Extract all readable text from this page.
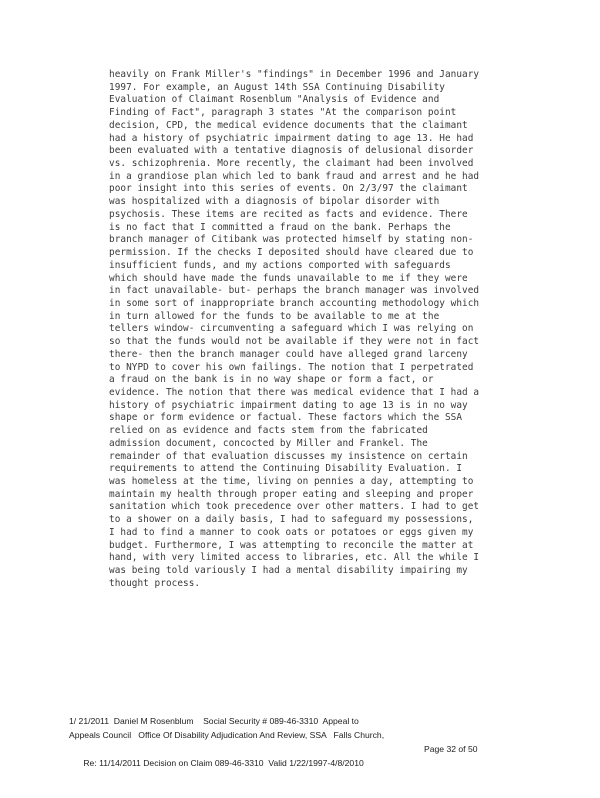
heavily on Frank Miller's "findings" in December 1996 and January
1997. For example, an August 14th SSA Continuing Disability
Evaluation of Claimant Rosenblum "Analysis of Evidence and
Finding of Fact", paragraph 3 states "At the comparison point
decision, CPD, the medical evidence documents that the claimant
had a history of psychiatric impairment dating to age 13. He had
been evaluated with a tentative diagnosis of delusional disorder
vs. schizophrenia. More recently, the claimant had been involved
in a grandiose plan which led to bank fraud and arrest and he had
poor insight into this series of events. On 2/3/97 the claimant
was hospitalized with a diagnosis of bipolar disorder with
psychosis. These items are recited as facts and evidence. There
is no fact that I committed a fraud on the bank. Perhaps the
branch manager of Citibank was protected himself by stating non-
permission. If the checks I deposited should have cleared due to
insufficient funds, and my actions comported with safeguards
which should have made the funds unavailable to me if they were
in fact unavailable- but- perhaps the branch manager was involved
in some sort of inappropriate branch accounting methodology which
in turn allowed for the funds to be available to me at the
tellers window- circumventing a safeguard which I was relying on
so that the funds would not be available if they were not in fact
there- then the branch manager could have alleged grand larceny
to NYPD to cover his own failings. The notion that I perpetrated
a fraud on the bank is in no way shape or form a fact, or
evidence. The notion that there was medical evidence that I had a
history of psychiatric impairment dating to age 13 is in no way
shape or form evidence or factual. These factors which the SSA
relied on as evidence and facts stem from the fabricated
admission document, concocted by Miller and Frankel. The
remainder of that evaluation discusses my insistence on certain
requirements to attend the Continuing Disability Evaluation. I
was homeless at the time, living on pennies a day, attempting to
maintain my health through proper eating and sleeping and proper
sanitation which took precedence over other matters. I had to get
to a shower on a daily basis, I had to safeguard my possessions,
I had to find a manner to cook oats or potatoes or eggs given my
budget. Furthermore, I was attempting to reconcile the matter at
hand, with very limited access to libraries, etc. All the while I
was being told variously I had a mental disability impairing my
thought process.
1/ 21/2011  Daniel M Rosenblum    Social Security # 089-46-3310  Appeal to
Appeals Council   Office Of Disability Adjudication And Review, SSA   Falls Church,

Re: 11/14/2011 Decision on Claim 089-46-3310  Valid 1/22/1997-4/8/2010

Page 32 of 50
